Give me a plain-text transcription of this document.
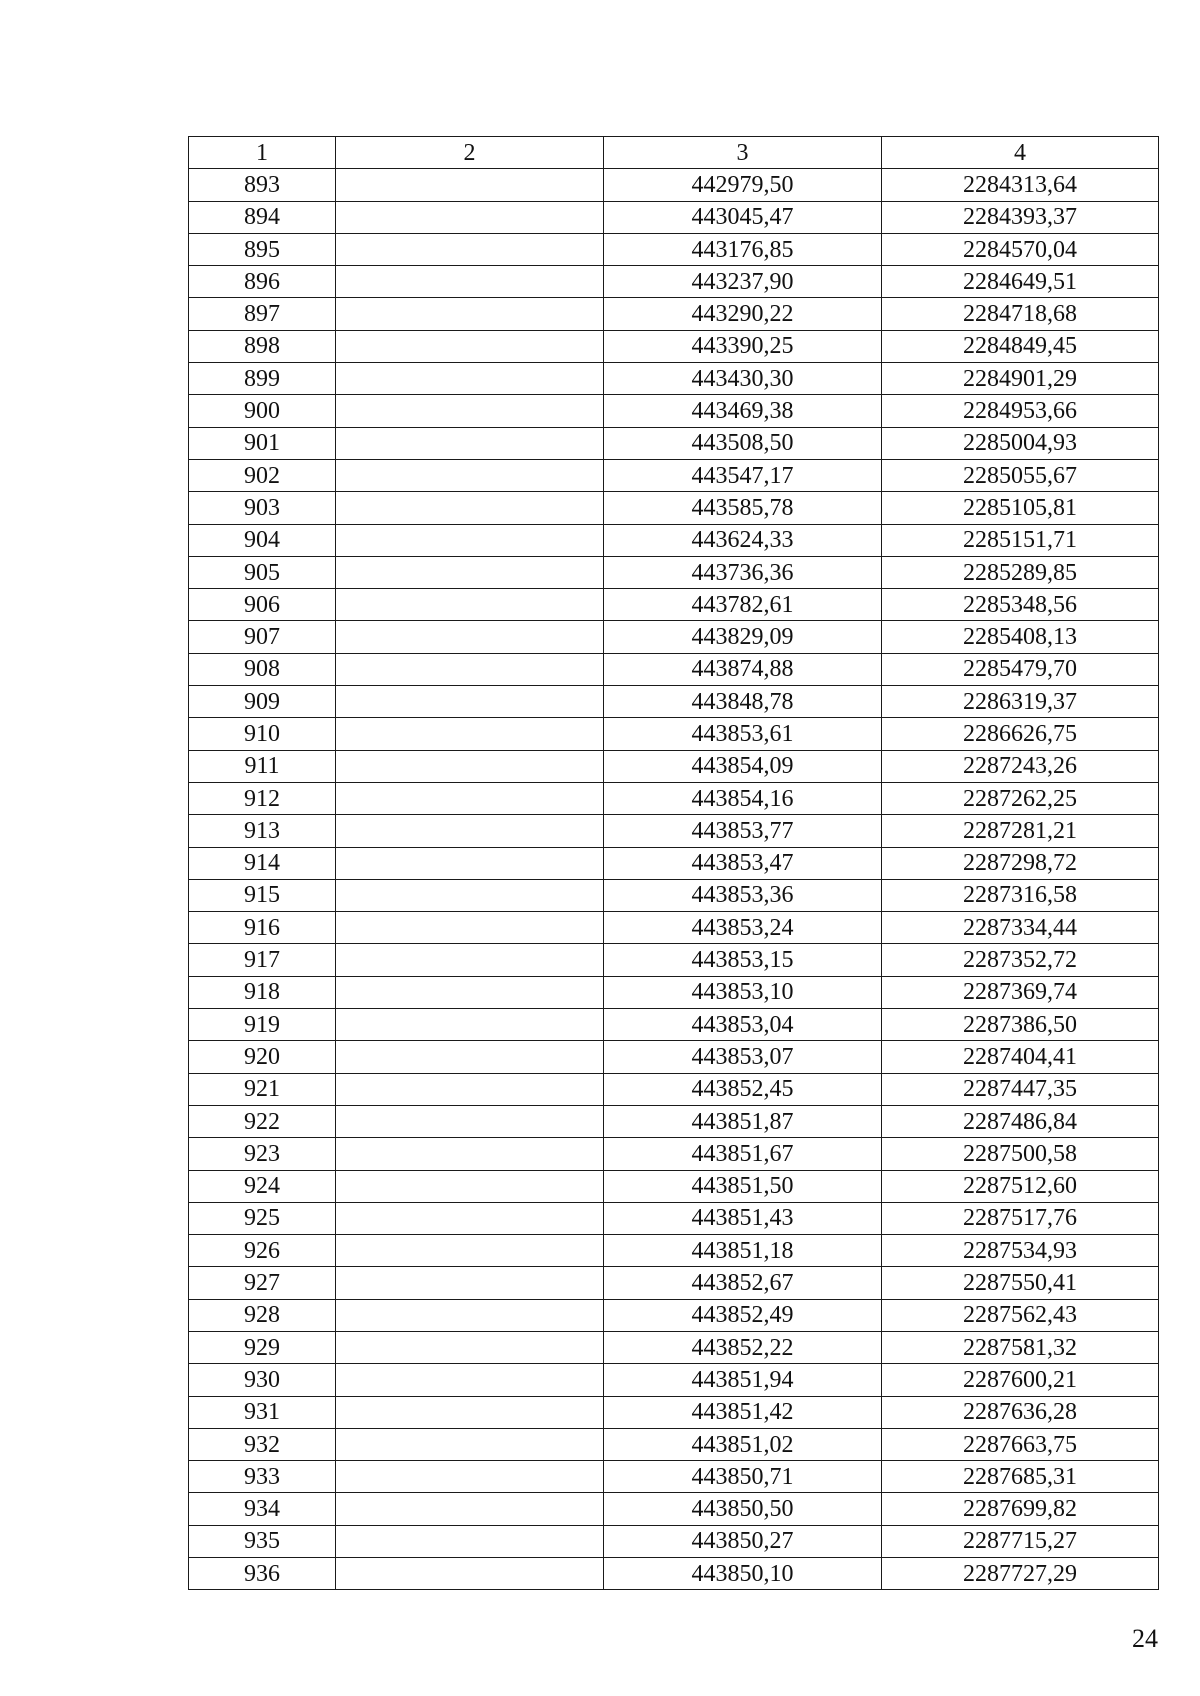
1	2	3	4
893		442979,50	2284313,64
894		443045,47	2284393,37
895		443176,85	2284570,04
896		443237,90	2284649,51
897		443290,22	2284718,68
898		443390,25	2284849,45
899		443430,30	2284901,29
900		443469,38	2284953,66
901		443508,50	2285004,93
902		443547,17	2285055,67
903		443585,78	2285105,81
904		443624,33	2285151,71
905		443736,36	2285289,85
906		443782,61	2285348,56
907		443829,09	2285408,13
908		443874,88	2285479,70
909		443848,78	2286319,37
910		443853,61	2286626,75
911		443854,09	2287243,26
912		443854,16	2287262,25
913		443853,77	2287281,21
914		443853,47	2287298,72
915		443853,36	2287316,58
916		443853,24	2287334,44
917		443853,15	2287352,72
918		443853,10	2287369,74
919		443853,04	2287386,50
920		443853,07	2287404,41
921		443852,45	2287447,35
922		443851,87	2287486,84
923		443851,67	2287500,58
924		443851,50	2287512,60
925		443851,43	2287517,76
926		443851,18	2287534,93
927		443852,67	2287550,41
928		443852,49	2287562,43
929		443852,22	2287581,32
930		443851,94	2287600,21
931		443851,42	2287636,28
932		443851,02	2287663,75
933		443850,71	2287685,31
934		443850,50	2287699,82
935		443850,27	2287715,27
936		443850,10	2287727,29
24
